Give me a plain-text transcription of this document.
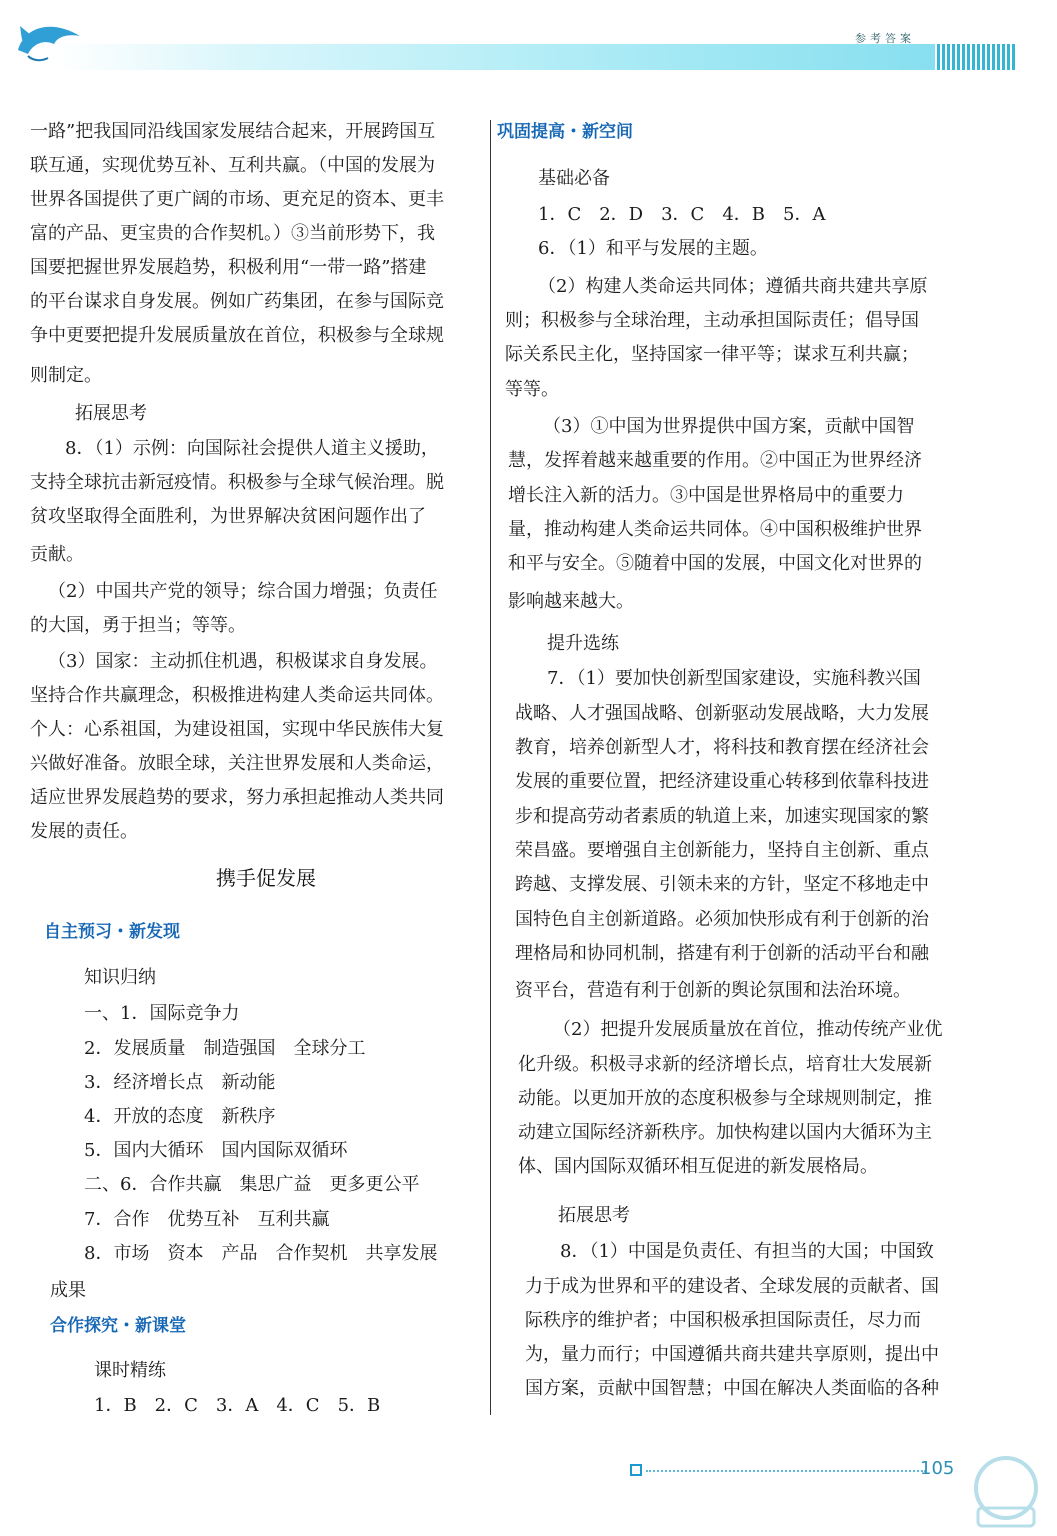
参考答案
一路”把我国同沿线国家发展结合起来，开展跨国互
联互通，实现优势互补、互利共赢。（中国的发展为
世界各国提供了更广阔的市场、更充足的资本、更丰
富的产品、更宝贵的合作契机。）③当前形势下，我
国要把握世界发展趋势，积极利用“一带一路”搭建
的平台谋求自身发展。例如广药集团，在参与国际竞
争中更要把提升发展质量放在首位，积极参与全球规
则制定。
拓展思考
8．（1）示例：向国际社会提供人道主义援助，
支持全球抗击新冠疫情。积极参与全球气候治理。脱
贫攻坚取得全面胜利，为世界解决贫困问题作出了
贡献。
（2）中国共产党的领导；综合国力增强；负责任
的大国，勇于担当；等等。
（3）国家：主动抓住机遇，积极谋求自身发展。
坚持合作共赢理念，积极推进构建人类命运共同体。
个人：心系祖国，为建设祖国，实现中华民族伟大复
兴做好准备。放眼全球，关注世界发展和人类命运，
适应世界发展趋势的要求，努力承担起推动人类共同
发展的责任。
携手促发展
自主预习・新发现
知识归纳
一、1．国际竞争力
2．发展质量　制造强国　全球分工
3．经济增长点　新动能
4．开放的态度　新秩序
5．国内大循环　国内国际双循环
二、6．合作共赢　集思广益　更多更公平
7．合作　优势互补　互利共赢
8．市场　资本　产品　合作契机　共享发展
成果
合作探究・新课堂
课时精练
1．B　2．C　3．A　4．C　5．B
巩固提高・新空间
基础必备
1．C　2．D　3．C　4．B　5．A
6．（1）和平与发展的主题。
（2）构建人类命运共同体；遵循共商共建共享原
则；积极参与全球治理，主动承担国际责任；倡导国
际关系民主化，坚持国家一律平等；谋求互利共赢；
等等。
（3）①中国为世界提供中国方案，贡献中国智
慧，发挥着越来越重要的作用。②中国正为世界经济
增长注入新的活力。③中国是世界格局中的重要力
量，推动构建人类命运共同体。④中国积极维护世界
和平与安全。⑤随着中国的发展，中国文化对世界的
影响越来越大。
提升选练
7．（1）要加快创新型国家建设，实施科教兴国
战略、人才强国战略、创新驱动发展战略，大力发展
教育，培养创新型人才，将科技和教育摆在经济社会
发展的重要位置，把经济建设重心转移到依靠科技进
步和提高劳动者素质的轨道上来，加速实现国家的繁
荣昌盛。要增强自主创新能力，坚持自主创新、重点
跨越、支撑发展、引领未来的方针，坚定不移地走中
国特色自主创新道路。必须加快形成有利于创新的治
理格局和协同机制，搭建有利于创新的活动平台和融
资平台，营造有利于创新的舆论氛围和法治环境。
（2）把提升发展质量放在首位，推动传统产业优
化升级。积极寻求新的经济增长点，培育壮大发展新
动能。以更加开放的态度积极参与全球规则制定，推
动建立国际经济新秩序。加快构建以国内大循环为主
体、国内国际双循环相互促进的新发展格局。
拓展思考
8．（1）中国是负责任、有担当的大国；中国致
力于成为世界和平的建设者、全球发展的贡献者、国
际秩序的维护者；中国积极承担国际责任，尽力而
为，量力而行；中国遵循共商共建共享原则，提出中
国方案，贡献中国智慧；中国在解决人类面临的各种
105
